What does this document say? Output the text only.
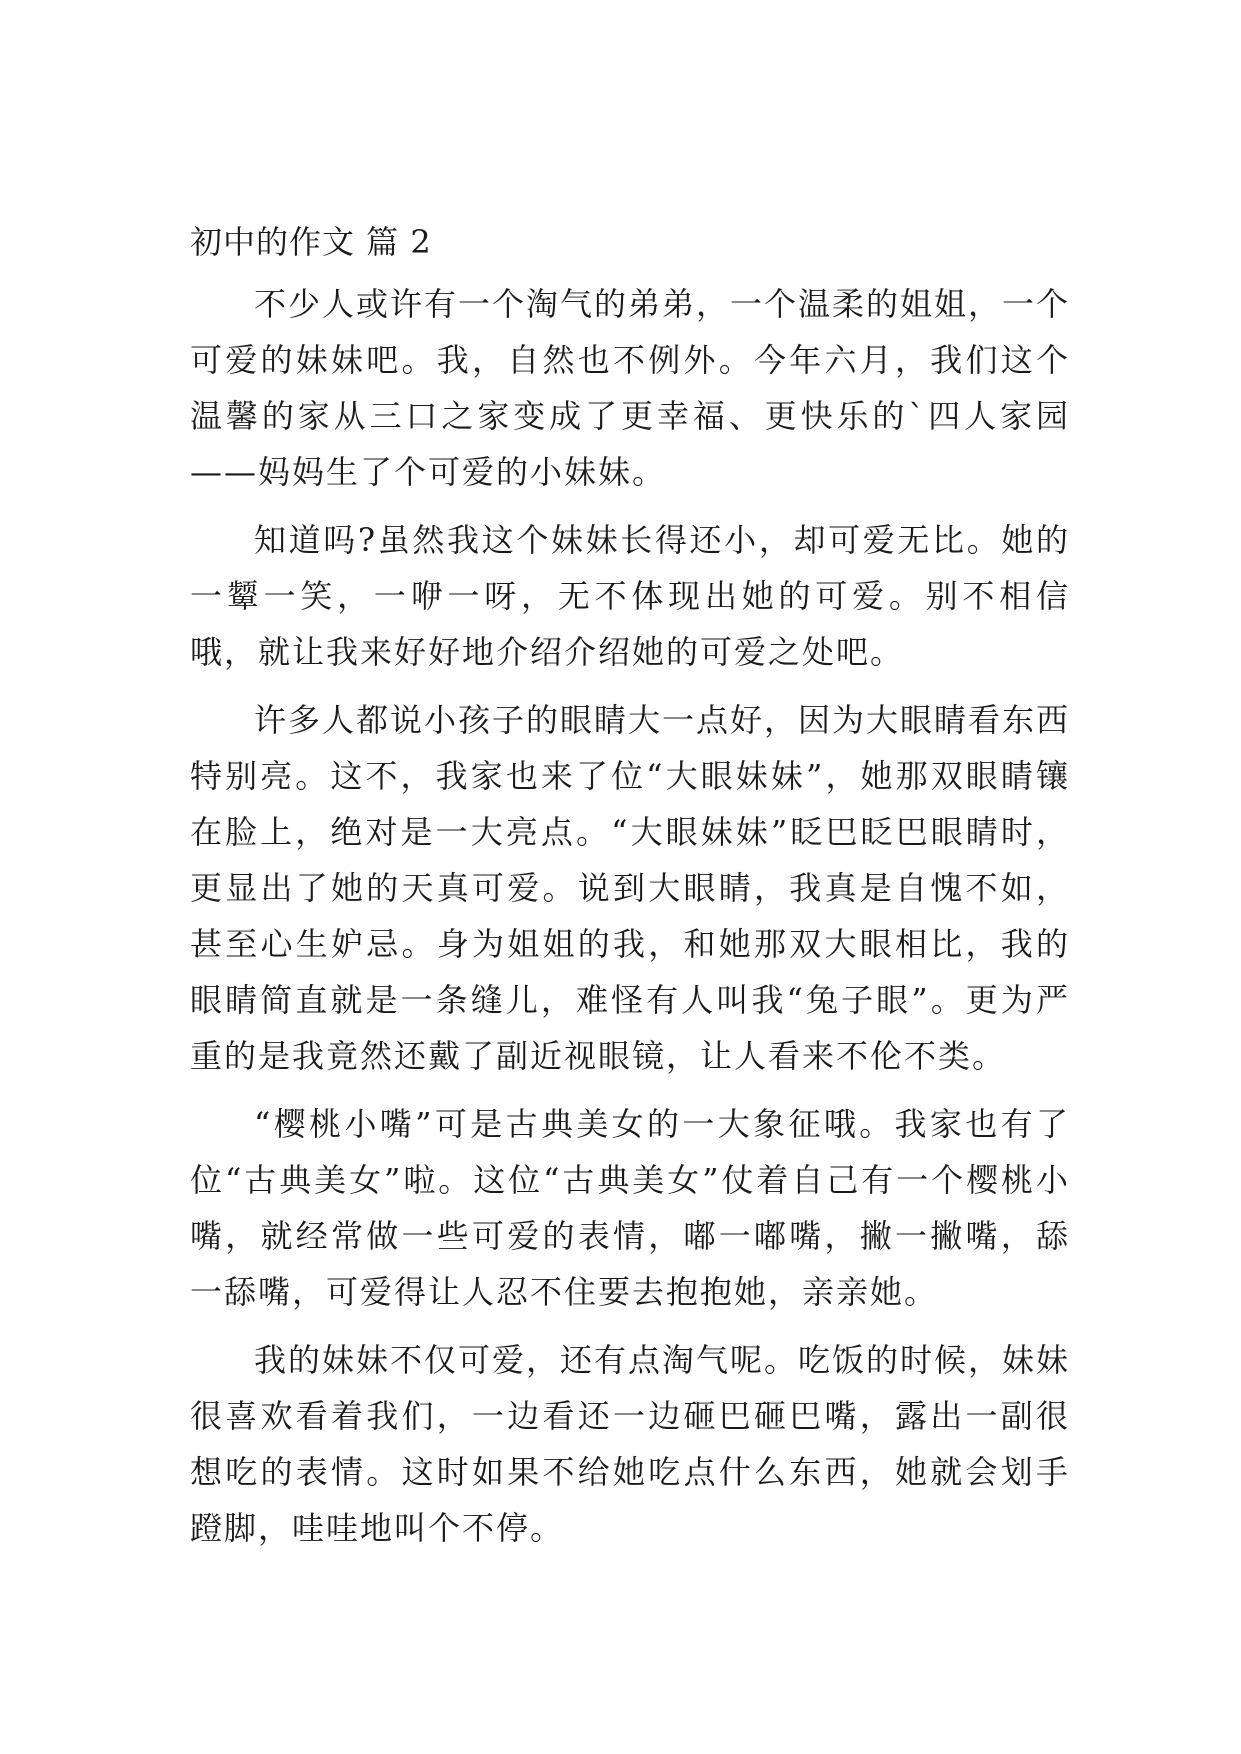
初中的作文 篇 2

不少人或许有一个淘气的弟弟，一个温柔的姐姐，一个可爱的妹妹吧。我，自然也不例外。今年六月，我们这个温馨的家从三口之家变成了更幸福、更快乐的`四人家园——妈妈生了个可爱的小妹妹。

知道吗?虽然我这个妹妹长得还小，却可爱无比。她的一颦一笑，一咿一呀，无不体现出她的可爱。别不相信哦，就让我来好好地介绍介绍她的可爱之处吧。

许多人都说小孩子的眼睛大一点好，因为大眼睛看东西特别亮。这不，我家也来了位“大眼妹妹”，她那双眼睛镶在脸上，绝对是一大亮点。“大眼妹妹”眨巴眨巴眼睛时，更显出了她的天真可爱。说到大眼睛，我真是自愧不如，甚至心生妒忌。身为姐姐的我，和她那双大眼相比，我的眼睛简直就是一条缝儿，难怪有人叫我“兔子眼”。更为严重的是我竟然还戴了副近视眼镜，让人看来不伦不类。

“樱桃小嘴”可是古典美女的一大象征哦。我家也有了位“古典美女”啦。这位“古典美女”仗着自己有一个樱桃小嘴，就经常做一些可爱的表情，嘟一嘟嘴，撇一撇嘴，舔一舔嘴，可爱得让人忍不住要去抱抱她，亲亲她。

我的妹妹不仅可爱，还有点淘气呢。吃饭的时候，妹妹很喜欢看着我们，一边看还一边砸巴砸巴嘴，露出一副很想吃的表情。这时如果不给她吃点什么东西，她就会划手蹬脚，哇哇地叫个不停。
